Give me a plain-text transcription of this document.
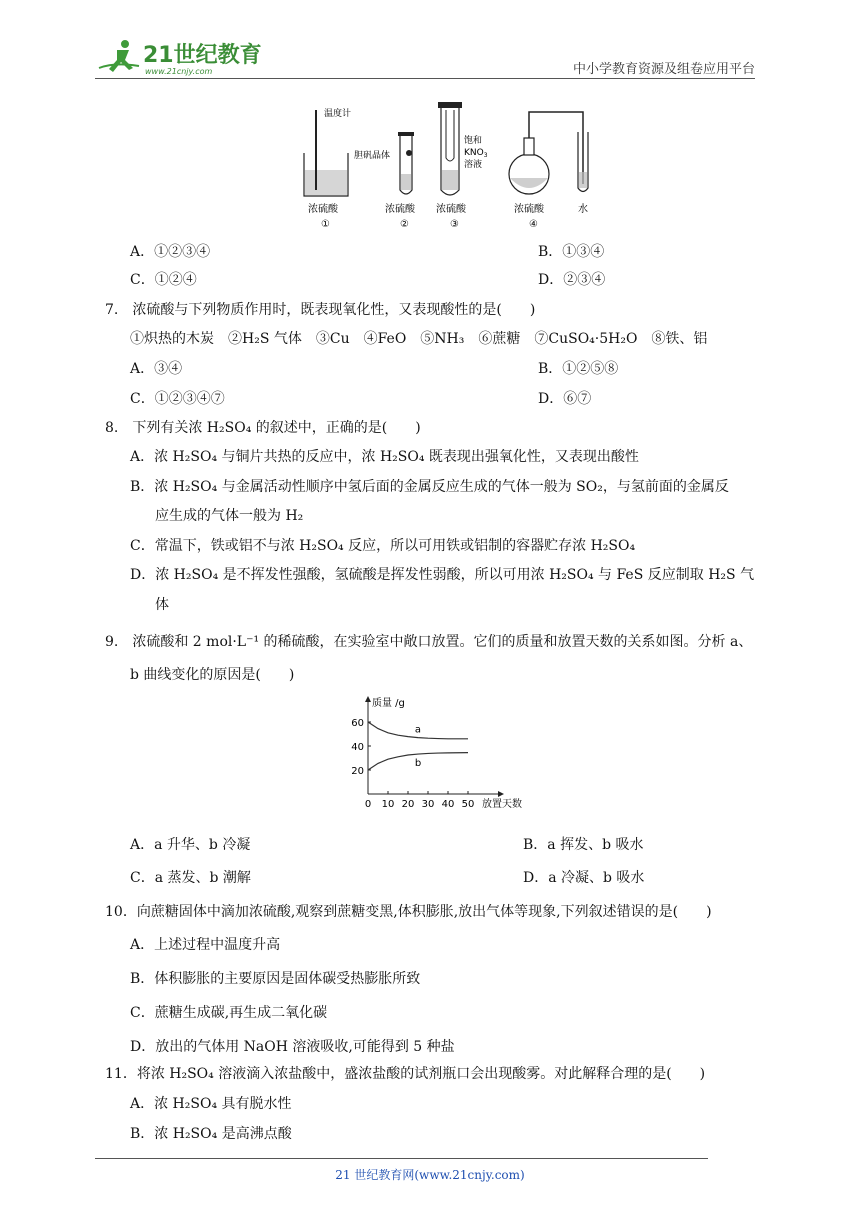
21世纪教育
www.21cnjy.com	中小学教育资源及组卷应用平台
温度计
浓硫酸
①
胆矾晶体
浓硫酸
②
饱和
$KNO_3$
溶液
浓硫酸
③
浓硫酸
④
水
A．①②③④	B．①③④
C．①②④	D．②③④
7.　浓硫酸与下列物质作用时，既表现氧化性，又表现酸性的是(　　)
①炽热的木炭　②H₂S 气体　③Cu　④FeO　⑤NH₃　⑥蔗糖　⑦CuSO₄·5H₂O　⑧铁、铝
A．③④	B．①②⑤⑧
C．①②③④⑦	D．⑥⑦
8.　下列有关浓 H₂SO₄ 的叙述中，正确的是(　　)
A．浓 H₂SO₄ 与铜片共热的反应中，浓 H₂SO₄ 既表现出强氧化性，又表现出酸性
B．浓 H₂SO₄ 与金属活动性顺序中氢后面的金属反应生成的气体一般为 SO₂，与氢前面的金属反
应生成的气体一般为 H₂
C．常温下，铁或铝不与浓 H₂SO₄ 反应，所以可用铁或铝制的容器贮存浓 H₂SO₄
D．浓 H₂SO₄ 是不挥发性强酸，氢硫酸是挥发性弱酸，所以可用浓 H₂SO₄ 与 FeS 反应制取 H₂S 气
体
9.　浓硫酸和 2 mol·L⁻¹ 的稀硫酸，在实验室中敞口放置。它们的质量和放置天数的关系如图。分析 a、
b 曲线变化的原因是(　　)
0 10 20 30 40 50
20
40
60
a
b
质量 /g
放置天数
A．a 升华、b 冷凝	B．a 挥发、b 吸水
C．a 蒸发、b 潮解	D．a 冷凝、b 吸水
10．向蔗糖固体中滴加浓硫酸,观察到蔗糖变黑,体积膨胀,放出气体等现象,下列叙述错误的是(　　)
A．上述过程中温度升高
B．体积膨胀的主要原因是固体碳受热膨胀所致
C．蔗糖生成碳,再生成二氧化碳
D．放出的气体用 NaOH 溶液吸收,可能得到 5 种盐
11．将浓 H₂SO₄ 溶液滴入浓盐酸中，盛浓盐酸的试剂瓶口会出现酸雾。对此解释合理的是(　　)
A．浓 H₂SO₄ 具有脱水性
B．浓 H₂SO₄ 是高沸点酸
21 世纪教育网(www.21cnjy.com)
